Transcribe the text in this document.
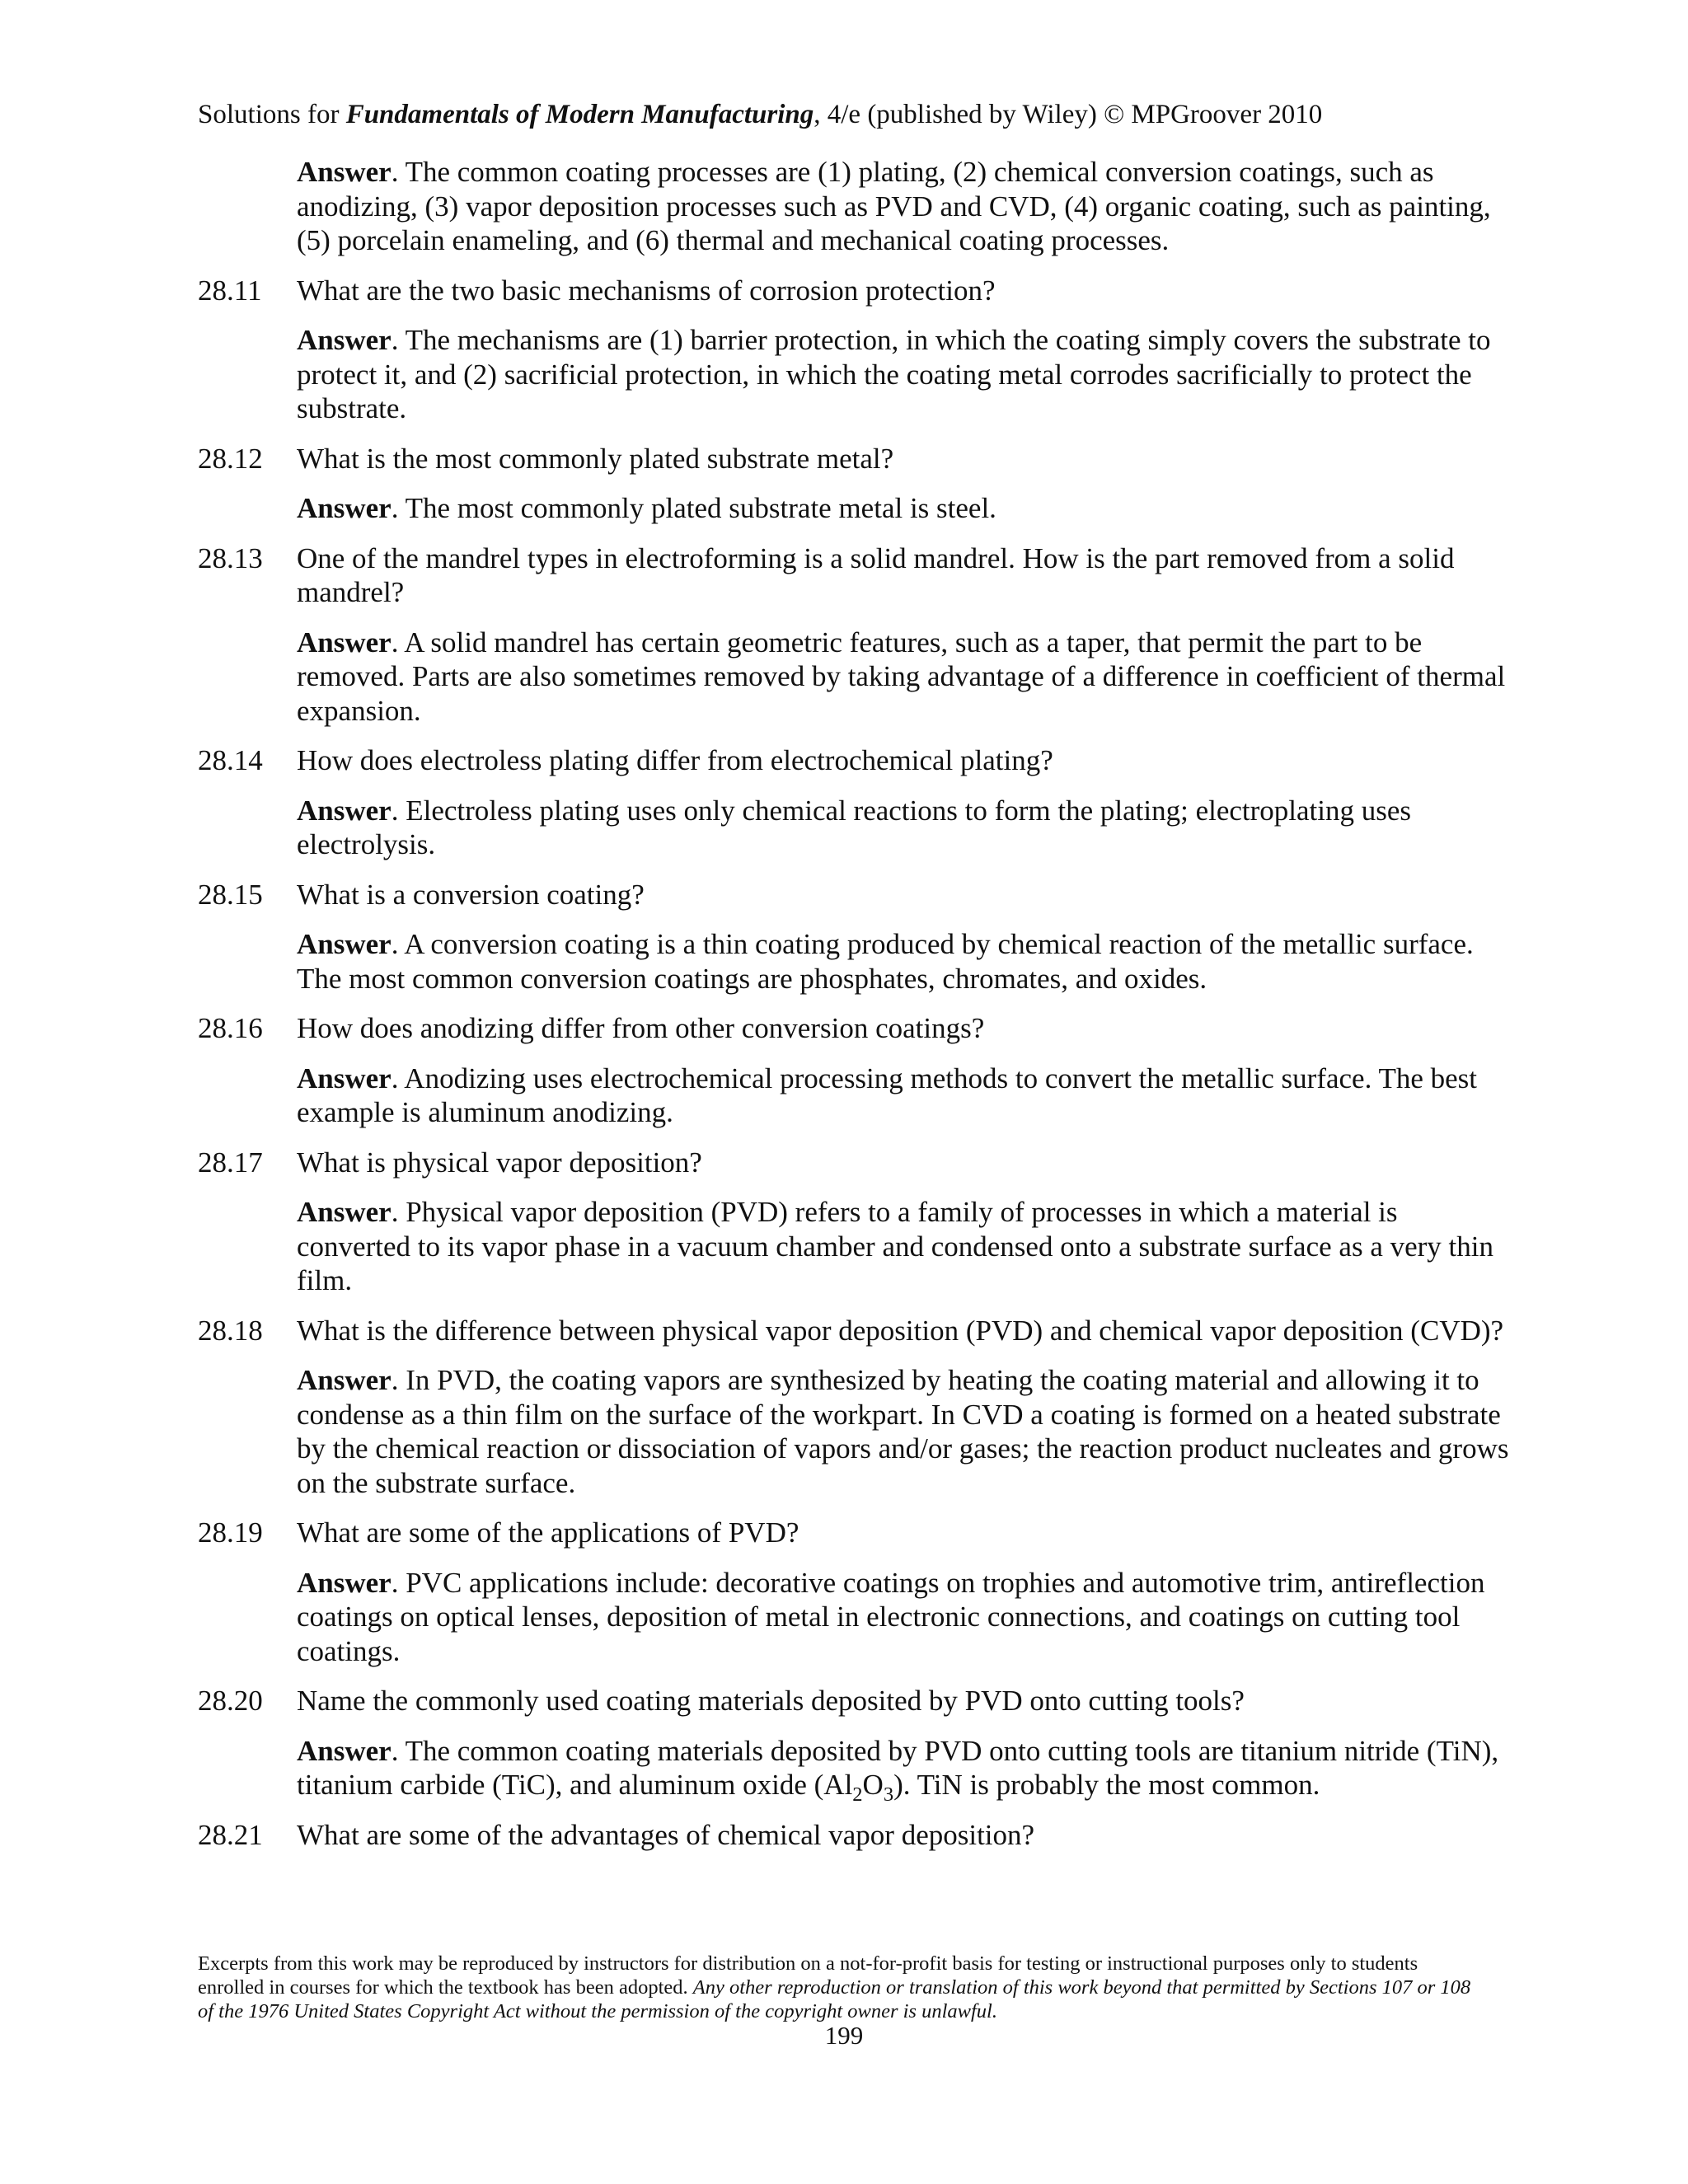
Solutions for Fundamentals of Modern Manufacturing, 4/e (published by Wiley) © MPGroover 2010
Answer. The common coating processes are (1) plating, (2) chemical conversion coatings, such as anodizing, (3) vapor deposition processes such as PVD and CVD, (4) organic coating, such as painting, (5) porcelain enameling, and (6) thermal and mechanical coating processes.
28.11	What are the two basic mechanisms of corrosion protection?
Answer. The mechanisms are (1) barrier protection, in which the coating simply covers the substrate to protect it, and (2) sacrificial protection, in which the coating metal corrodes sacrificially to protect the substrate.
28.12	What is the most commonly plated substrate metal?
Answer. The most commonly plated substrate metal is steel.
28.13	One of the mandrel types in electroforming is a solid mandrel. How is the part removed from a solid mandrel?
Answer. A solid mandrel has certain geometric features, such as a taper, that permit the part to be removed. Parts are also sometimes removed by taking advantage of a difference in coefficient of thermal expansion.
28.14	How does electroless plating differ from electrochemical plating?
Answer. Electroless plating uses only chemical reactions to form the plating; electroplating uses electrolysis.
28.15	What is a conversion coating?
Answer. A conversion coating is a thin coating produced by chemical reaction of the metallic surface. The most common conversion coatings are phosphates, chromates, and oxides.
28.16	How does anodizing differ from other conversion coatings?
Answer. Anodizing uses electrochemical processing methods to convert the metallic surface. The best example is aluminum anodizing.
28.17	What is physical vapor deposition?
Answer. Physical vapor deposition (PVD) refers to a family of processes in which a material is converted to its vapor phase in a vacuum chamber and condensed onto a substrate surface as a very thin film.
28.18	What is the difference between physical vapor deposition (PVD) and chemical vapor deposition (CVD)?
Answer. In PVD, the coating vapors are synthesized by heating the coating material and allowing it to condense as a thin film on the surface of the workpart. In CVD a coating is formed on a heated substrate by the chemical reaction or dissociation of vapors and/or gases; the reaction product nucleates and grows on the substrate surface.
28.19	What are some of the applications of PVD?
Answer. PVC applications include: decorative coatings on trophies and automotive trim, antireflection coatings on optical lenses, deposition of metal in electronic connections, and coatings on cutting tool coatings.
28.20	Name the commonly used coating materials deposited by PVD onto cutting tools?
Answer. The common coating materials deposited by PVD onto cutting tools are titanium nitride (TiN), titanium carbide (TiC), and aluminum oxide $(Al_2O_3)$. TiN is probably the most common.
28.21	What are some of the advantages of chemical vapor deposition?
Excerpts from this work may be reproduced by instructors for distribution on a not-for-profit basis for testing or instructional purposes only to students enrolled in courses for which the textbook has been adopted. Any other reproduction or translation of this work beyond that permitted by Sections 107 or 108 of the 1976 United States Copyright Act without the permission of the copyright owner is unlawful.
199
